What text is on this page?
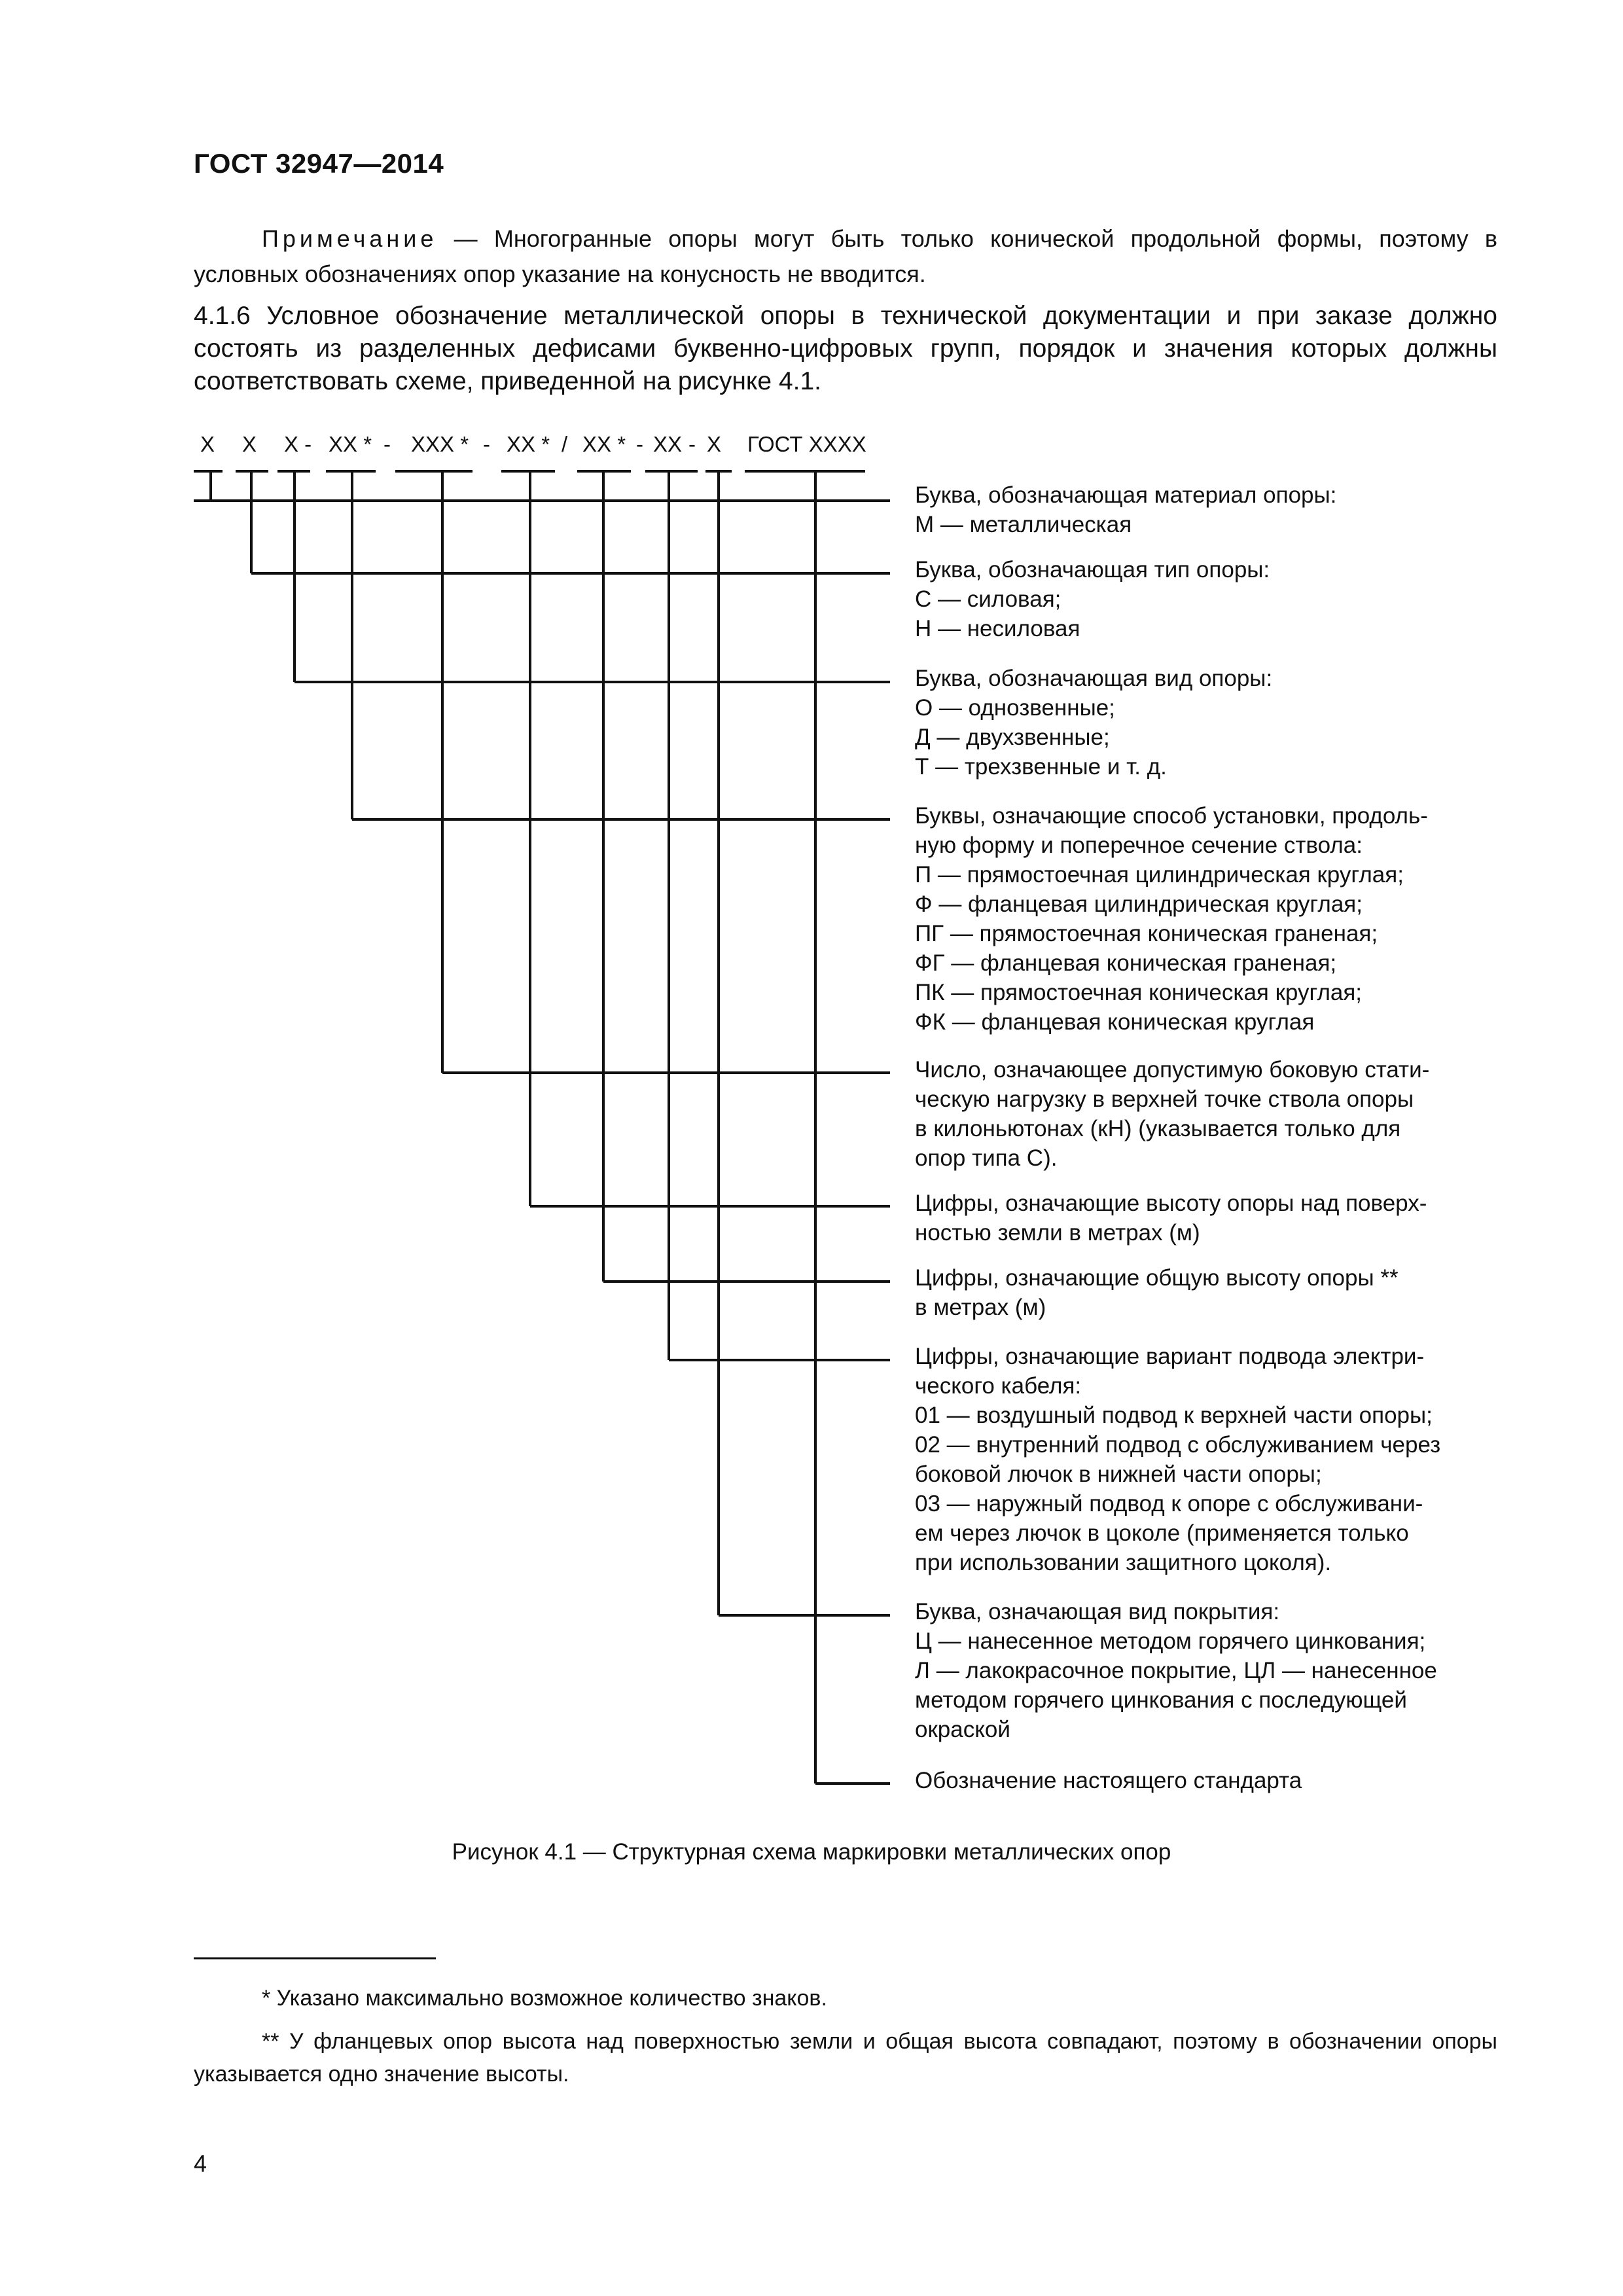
ГОСТ 32947—2014

Примечание — Многогранные опоры могут быть только конической продольной формы, поэтому в условных обозначениях опор указание на конусность не вводится.

4.1.6 Условное обозначение металлической опоры в технической документации и при заказе должно состоять из разделенных дефисами буквенно-цифровых групп, порядок и значения которых должны соответствовать схеме, приведенной на рисунке 4.1.

X X X - XX * - XXX * - XX * / XX * - XX - X ГОСТ XXXX
Буква, обозначающая материал опоры:
М — металлическая
Буква, обозначающая тип опоры:
С — силовая;
Н — несиловая
Буква, обозначающая вид опоры:
О — однозвенные;
Д — двухзвенные;
Т — трехзвенные и т. д.
Буквы, означающие способ установки, продоль-
ную форму и поперечное сечение ствола:
П — прямостоечная цилиндрическая круглая;
Ф — фланцевая цилиндрическая круглая;
ПГ — прямостоечная коническая граненая;
ФГ — фланцевая коническая граненая;
ПК — прямостоечная коническая круглая;
ФК — фланцевая коническая круглая
Число, означающее допустимую боковую стати-
ческую нагрузку в верхней точке ствола опоры
в килоньютонах (кН) (указывается только для
опор типа С).
Цифры, означающие высоту опоры над поверх-
ностью земли в метрах (м)
Цифры, означающие общую высоту опоры **
в метрах (м)
Цифры, означающие вариант подвода электри-
ческого кабеля:
01 — воздушный подвод к верхней части опоры;
02 — внутренний подвод с обслуживанием через
боковой лючок в нижней части опоры;
03 — наружный подвод к опоре с обслуживани-
ем через лючок в цоколе (применяется только
при использовании защитного цоколя).
Буква, означающая вид покрытия:
Ц — нанесенное методом горячего цинкования;
Л — лакокрасочное покрытие, ЦЛ — нанесенное
методом горячего цинкования с последующей
окраской
Обозначение настоящего стандарта
Рисунок 4.1 — Структурная схема маркировки металлических опор

* Указано максимально возможное количество знаков.

** У фланцевых опор высота над поверхностью земли и общая высота совпадают, поэтому в обозначении опоры указывается одно значение высоты.

4
